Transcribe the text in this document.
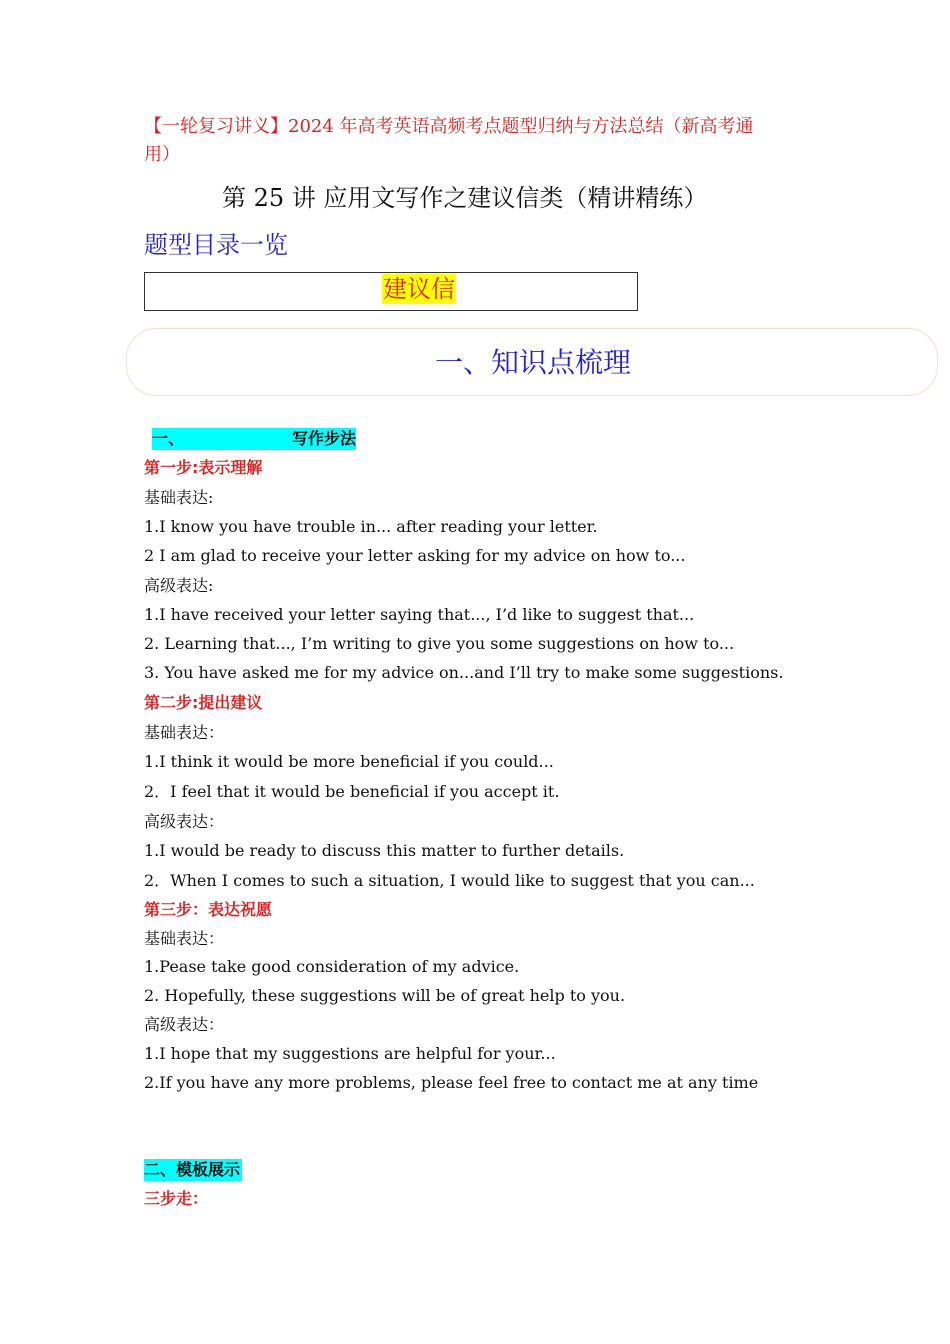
【一轮复习讲义】2024 年高考英语高频考点题型归纳与方法总结（新高考通
用）
第 25 讲 应用文写作之建议信类（精讲精练）
题型目录一览
建议信
一、知识点梳理
一、	写作步法
第一步:表示理解
基础表达:
1.I know you have trouble in... after reading your letter.
2 I am glad to receive your letter asking for my advice on how to...
高级表达:
1.I have received your letter saying that..., I’d like to suggest that...
2. Learning that..., I’m writing to give you some suggestions on how to...
3. You have asked me for my advice on...and I’ll try to make some suggestions.
第二步:提出建议
基础表达：
1.I think it would be more beneficial if you could...
2．I feel that it would be beneficial if you accept it.
高级表达：
1.I would be ready to discuss this matter to further details.
2．When I comes to such a situation, I would like to suggest that you can...
第三步：表达祝愿
基础表达：
1.Pease take good consideration of my advice.
2. Hopefully, these suggestions will be of great help to you.
高级表达：
1.I hope that my suggestions are helpful for your...
2.If you have any more problems, please feel free to contact me at any time
二、模板展示
三步走：
